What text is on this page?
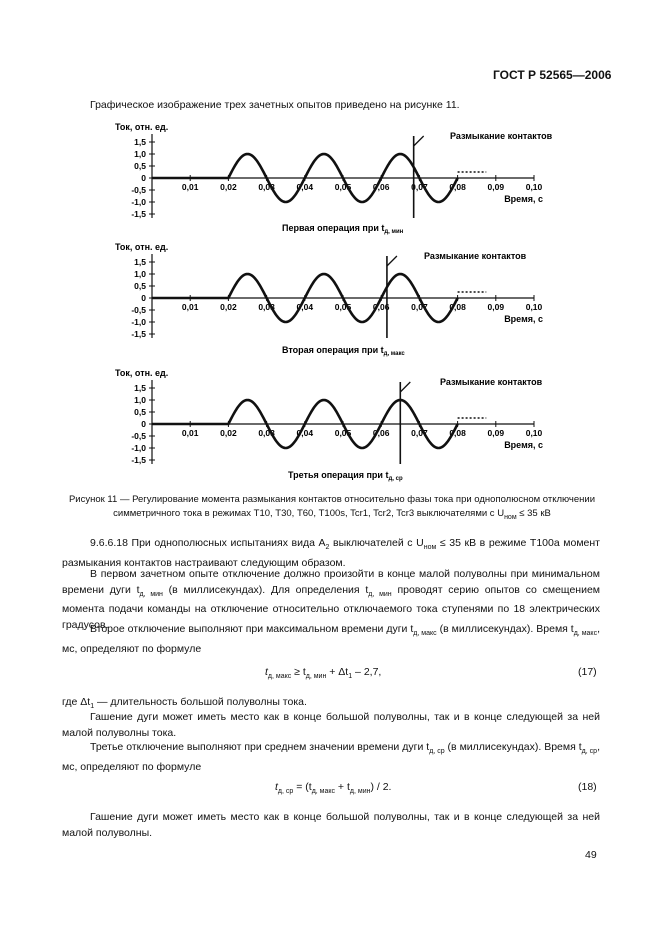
ГОСТ Р 52565—2006
Графическое изображение трех зачетных опытов приведено на рисунке 11.
Ток, отн. ед.
Размыкание контактов
Первая операция при $t_{д, мин}$
1,5
1,0
0,5
0
-0,5
-1,0
-1,5
0,01	0,02	0,03	0,04	0,05	0,06	0,07	0,08	0,09	0,10
Время, с
Ток, отн. ед.
Размыкание контактов
Вторая операция при $t_{д, макс}$
1,5
1,0
0,5
0
-0,5
-1,0
-1,5
0,01	0,02	0,03	0,04	0,05	0,06	0,07	0,08	0,09	0,10
Время, с
Ток, отн. ед.
Размыкание контактов
Третья операция при $t_{д, ср}$
1,5
1,0
0,5
0
-0,5
-1,0
-1,5
0,01	0,02	0,03	0,04	0,05	0,06	0,07	0,08	0,09	0,10
Время, с
Рисунок 11 — Регулирование момента размыкания контактов относительно фазы тока при однополюсном отключении симметричного тока в режимах Т10, Т30, Т60, Т100s, Tcr1, Tcr2, Tcr3 выключателями с $U_{ном} \le 35$ кВ
9.6.6.18 При однополюсных испытаниях вида $А_2$ выключателей с $U_{ном} \le 35$ кВ в режиме Т100а момент размыкания контактов настраивают следующим образом.
В первом зачетном опыте отключение должно произойти в конце малой полуволны при минимальном времени дуги $t_{д, мин}$ (в миллисекундах). Для определения $t_{д, мин}$ проводят серию опытов со смещением момента подачи команды на отключение относительно отключаемого тока ступенями по 18 электрических градусов.
Второе отключение выполняют при максимальном времени дуги $t_{д, макс}$ (в миллисекундах). Время $t_{д, макс}$, мс, определяют по формуле
$t_{д, макс} \ge t_{д, мин} + \Delta t_1 - 2,7$,	(17)
где $\Delta t_1$ — длительность большой полуволны тока.
Гашение дуги может иметь место как в конце большой полуволны, так и в конце следующей за ней малой полуволны тока.
Третье отключение выполняют при среднем значении времени дуги $t_{д, ср}$ (в миллисекундах). Время $t_{д, ср}$, мс, определяют по формуле
$t_{д, ср} = (t_{д, макс} + t_{д, мин}) / 2$.	(18)
Гашение дуги может иметь место как в конце большой полуволны, так и в конце следующей за ней малой полуволны.
49
